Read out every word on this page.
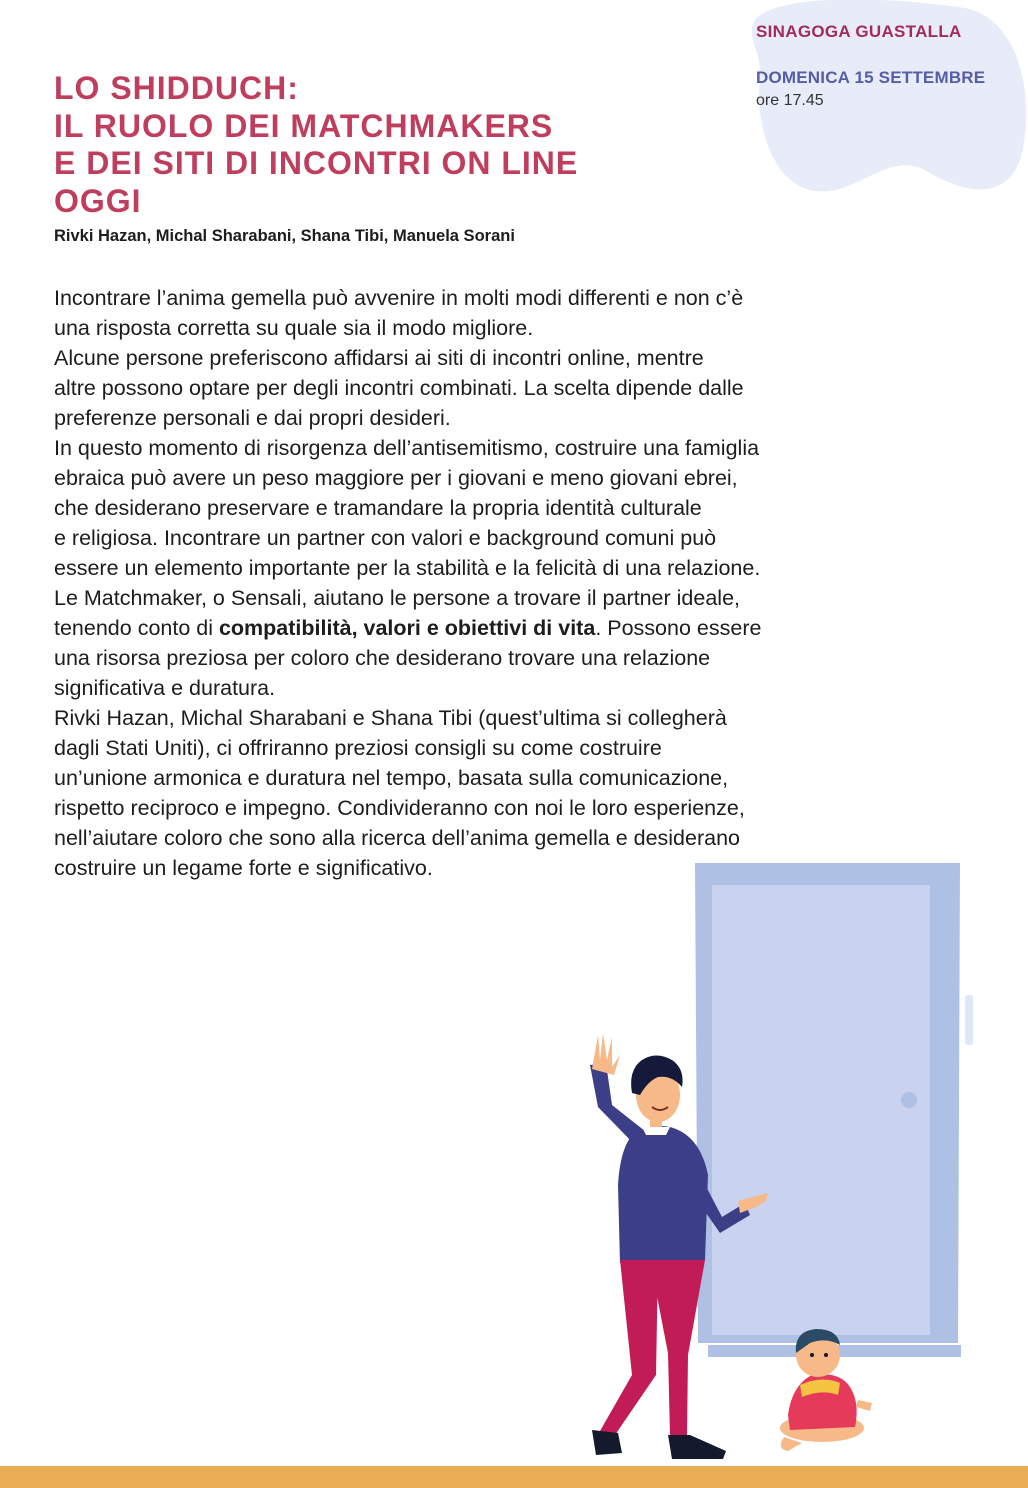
SINAGOGA GUASTALLA
DOMENICA 15 SETTEMBRE
ore 17.45
LO SHIDDUCH:
IL RUOLO DEI MATCHMAKERS
E DEI SITI DI INCONTRI ON LINE
OGGI
Rivki Hazan, Michal Sharabani, Shana Tibi, Manuela Sorani

Incontrare l’anima gemella può avvenire in molti modi differenti e non c’è
una risposta corretta su quale sia il modo migliore.

Alcune persone preferiscono affidarsi ai siti di incontri online, mentre
altre possono optare per degli incontri combinati. La scelta dipende dalle
preferenze personali e dai propri desideri.

In questo momento di risorgenza dell’antisemitismo, costruire una famiglia
ebraica può avere un peso maggiore per i giovani e meno giovani ebrei,
che desiderano preservare e tramandare la propria identità culturale
e religiosa. Incontrare un partner con valori e background comuni può
essere un elemento importante per la stabilità e la felicità di una relazione.

Le Matchmaker, o Sensali, aiutano le persone a trovare il partner ideale,
tenendo conto di compatibilità, valori e obiettivi di vita. Possono essere
una risorsa preziosa per coloro che desiderano trovare una relazione
significativa e duratura.

Rivki Hazan, Michal Sharabani e Shana Tibi (quest’ultima si collegherà
dagli Stati Uniti), ci offriranno preziosi consigli su come costruire
un’unione armonica e duratura nel tempo, basata sulla comunicazione,
rispetto reciproco e impegno. Condivideranno con noi le loro esperienze,
nell’aiutare coloro che sono alla ricerca dell’anima gemella e desiderano
costruire un legame forte e significativo.
